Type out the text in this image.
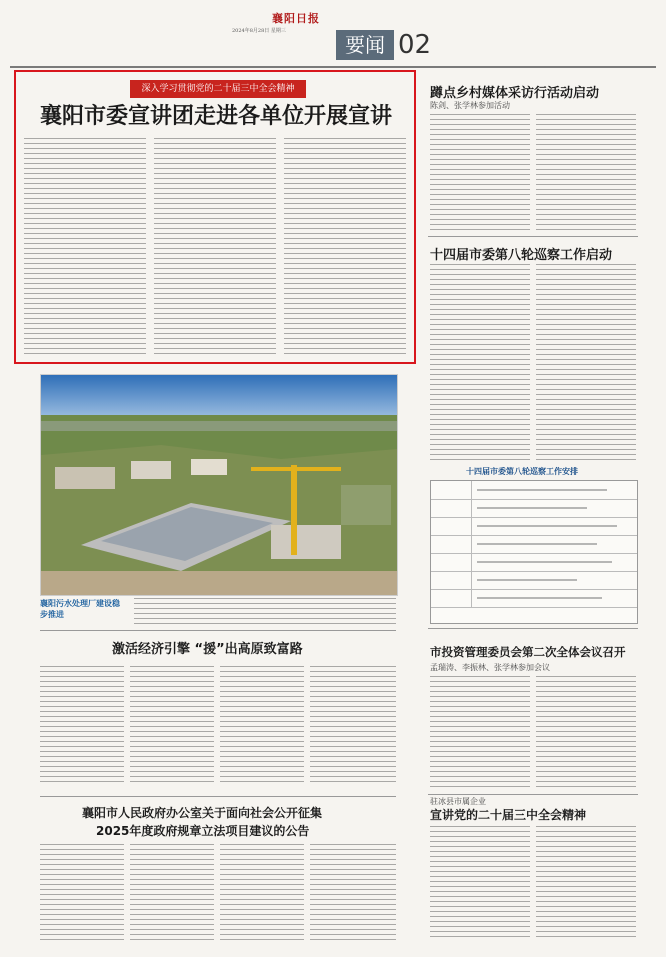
襄阳日报
2024年8月28日 星期三
要闻 02
深入学习贯彻党的二十届三中全会精神
襄阳市委宣讲团走进各单位开展宣讲
襄阳污水处理厂建设稳步推进
蹲点乡村媒体采访行活动启动
陈剑、张学林参加活动
十四届市委第八轮巡察工作启动
十四届市委第八轮巡察工作安排
激活经济引擎 “援”出高原致富路
襄阳市人民政府办公室关于面向社会公开征集
2025年度政府规章立法项目建议的公告
市投资管理委员会第二次全体会议召开
孟瑞涛、李振林、张学林参加会议
驻冰县市属企业
宣讲党的二十届三中全会精神
